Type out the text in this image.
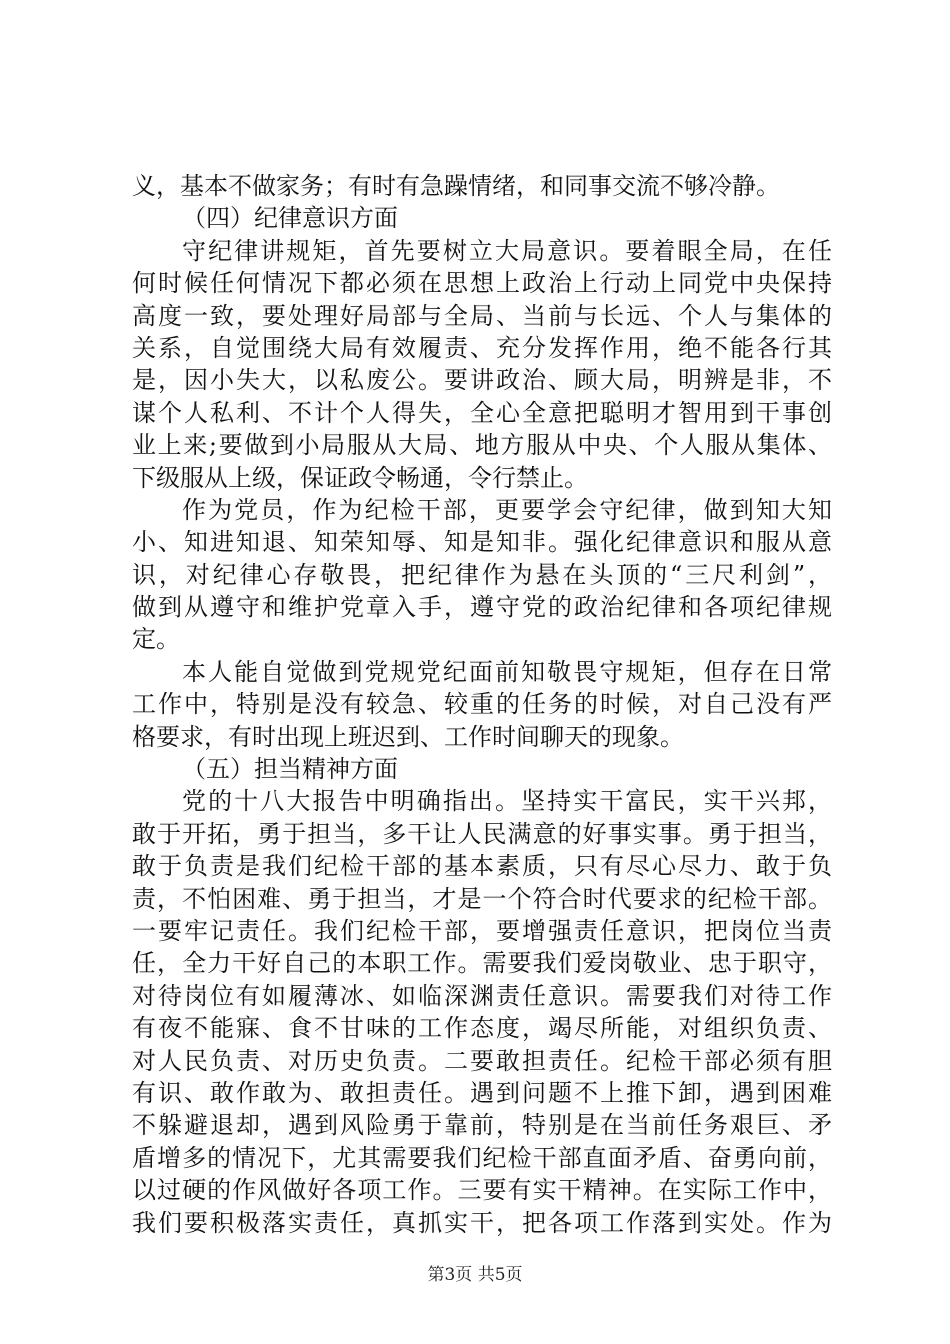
义，基本不做家务；有时有急躁情绪，和同事交流不够冷静。
（四）纪律意识方面
守纪律讲规矩，首先要树立大局意识。要着眼全局，在任
何时候任何情况下都必须在思想上政治上行动上同党中央保持
高度一致，要处理好局部与全局、当前与长远、个人与集体的
关系，自觉围绕大局有效履责、充分发挥作用，绝不能各行其
是，因小失大，以私废公。要讲政治、顾大局，明辨是非，不
谋个人私利、不计个人得失，全心全意把聪明才智用到干事创
业上来;要做到小局服从大局、地方服从中央、个人服从集体、
下级服从上级，保证政令畅通，令行禁止。
作为党员，作为纪检干部，更要学会守纪律，做到知大知
小、知进知退、知荣知辱、知是知非。强化纪律意识和服从意
识，对纪律心存敬畏，把纪律作为悬在头顶的“三尺利剑”，
做到从遵守和维护党章入手，遵守党的政治纪律和各项纪律规
定。
本人能自觉做到党规党纪面前知敬畏守规矩，但存在日常
工作中，特别是没有较急、较重的任务的时候，对自己没有严
格要求，有时出现上班迟到、工作时间聊天的现象。
（五）担当精神方面
党的十八大报告中明确指出。坚持实干富民，实干兴邦，
敢于开拓，勇于担当，多干让人民满意的好事实事。勇于担当，
敢于负责是我们纪检干部的基本素质，只有尽心尽力、敢于负
责，不怕困难、勇于担当，才是一个符合时代要求的纪检干部。
一要牢记责任。我们纪检干部，要增强责任意识，把岗位当责
任，全力干好自己的本职工作。需要我们爱岗敬业、忠于职守，
对待岗位有如履薄冰、如临深渊责任意识。需要我们对待工作
有夜不能寐、食不甘味的工作态度，竭尽所能，对组织负责、
对人民负责、对历史负责。二要敢担责任。纪检干部必须有胆
有识、敢作敢为、敢担责任。遇到问题不上推下卸，遇到困难
不躲避退却，遇到风险勇于靠前，特别是在当前任务艰巨、矛
盾增多的情况下，尤其需要我们纪检干部直面矛盾、奋勇向前，
以过硬的作风做好各项工作。三要有实干精神。在实际工作中，
我们要积极落实责任，真抓实干，把各项工作落到实处。作为
第3页 共5页
